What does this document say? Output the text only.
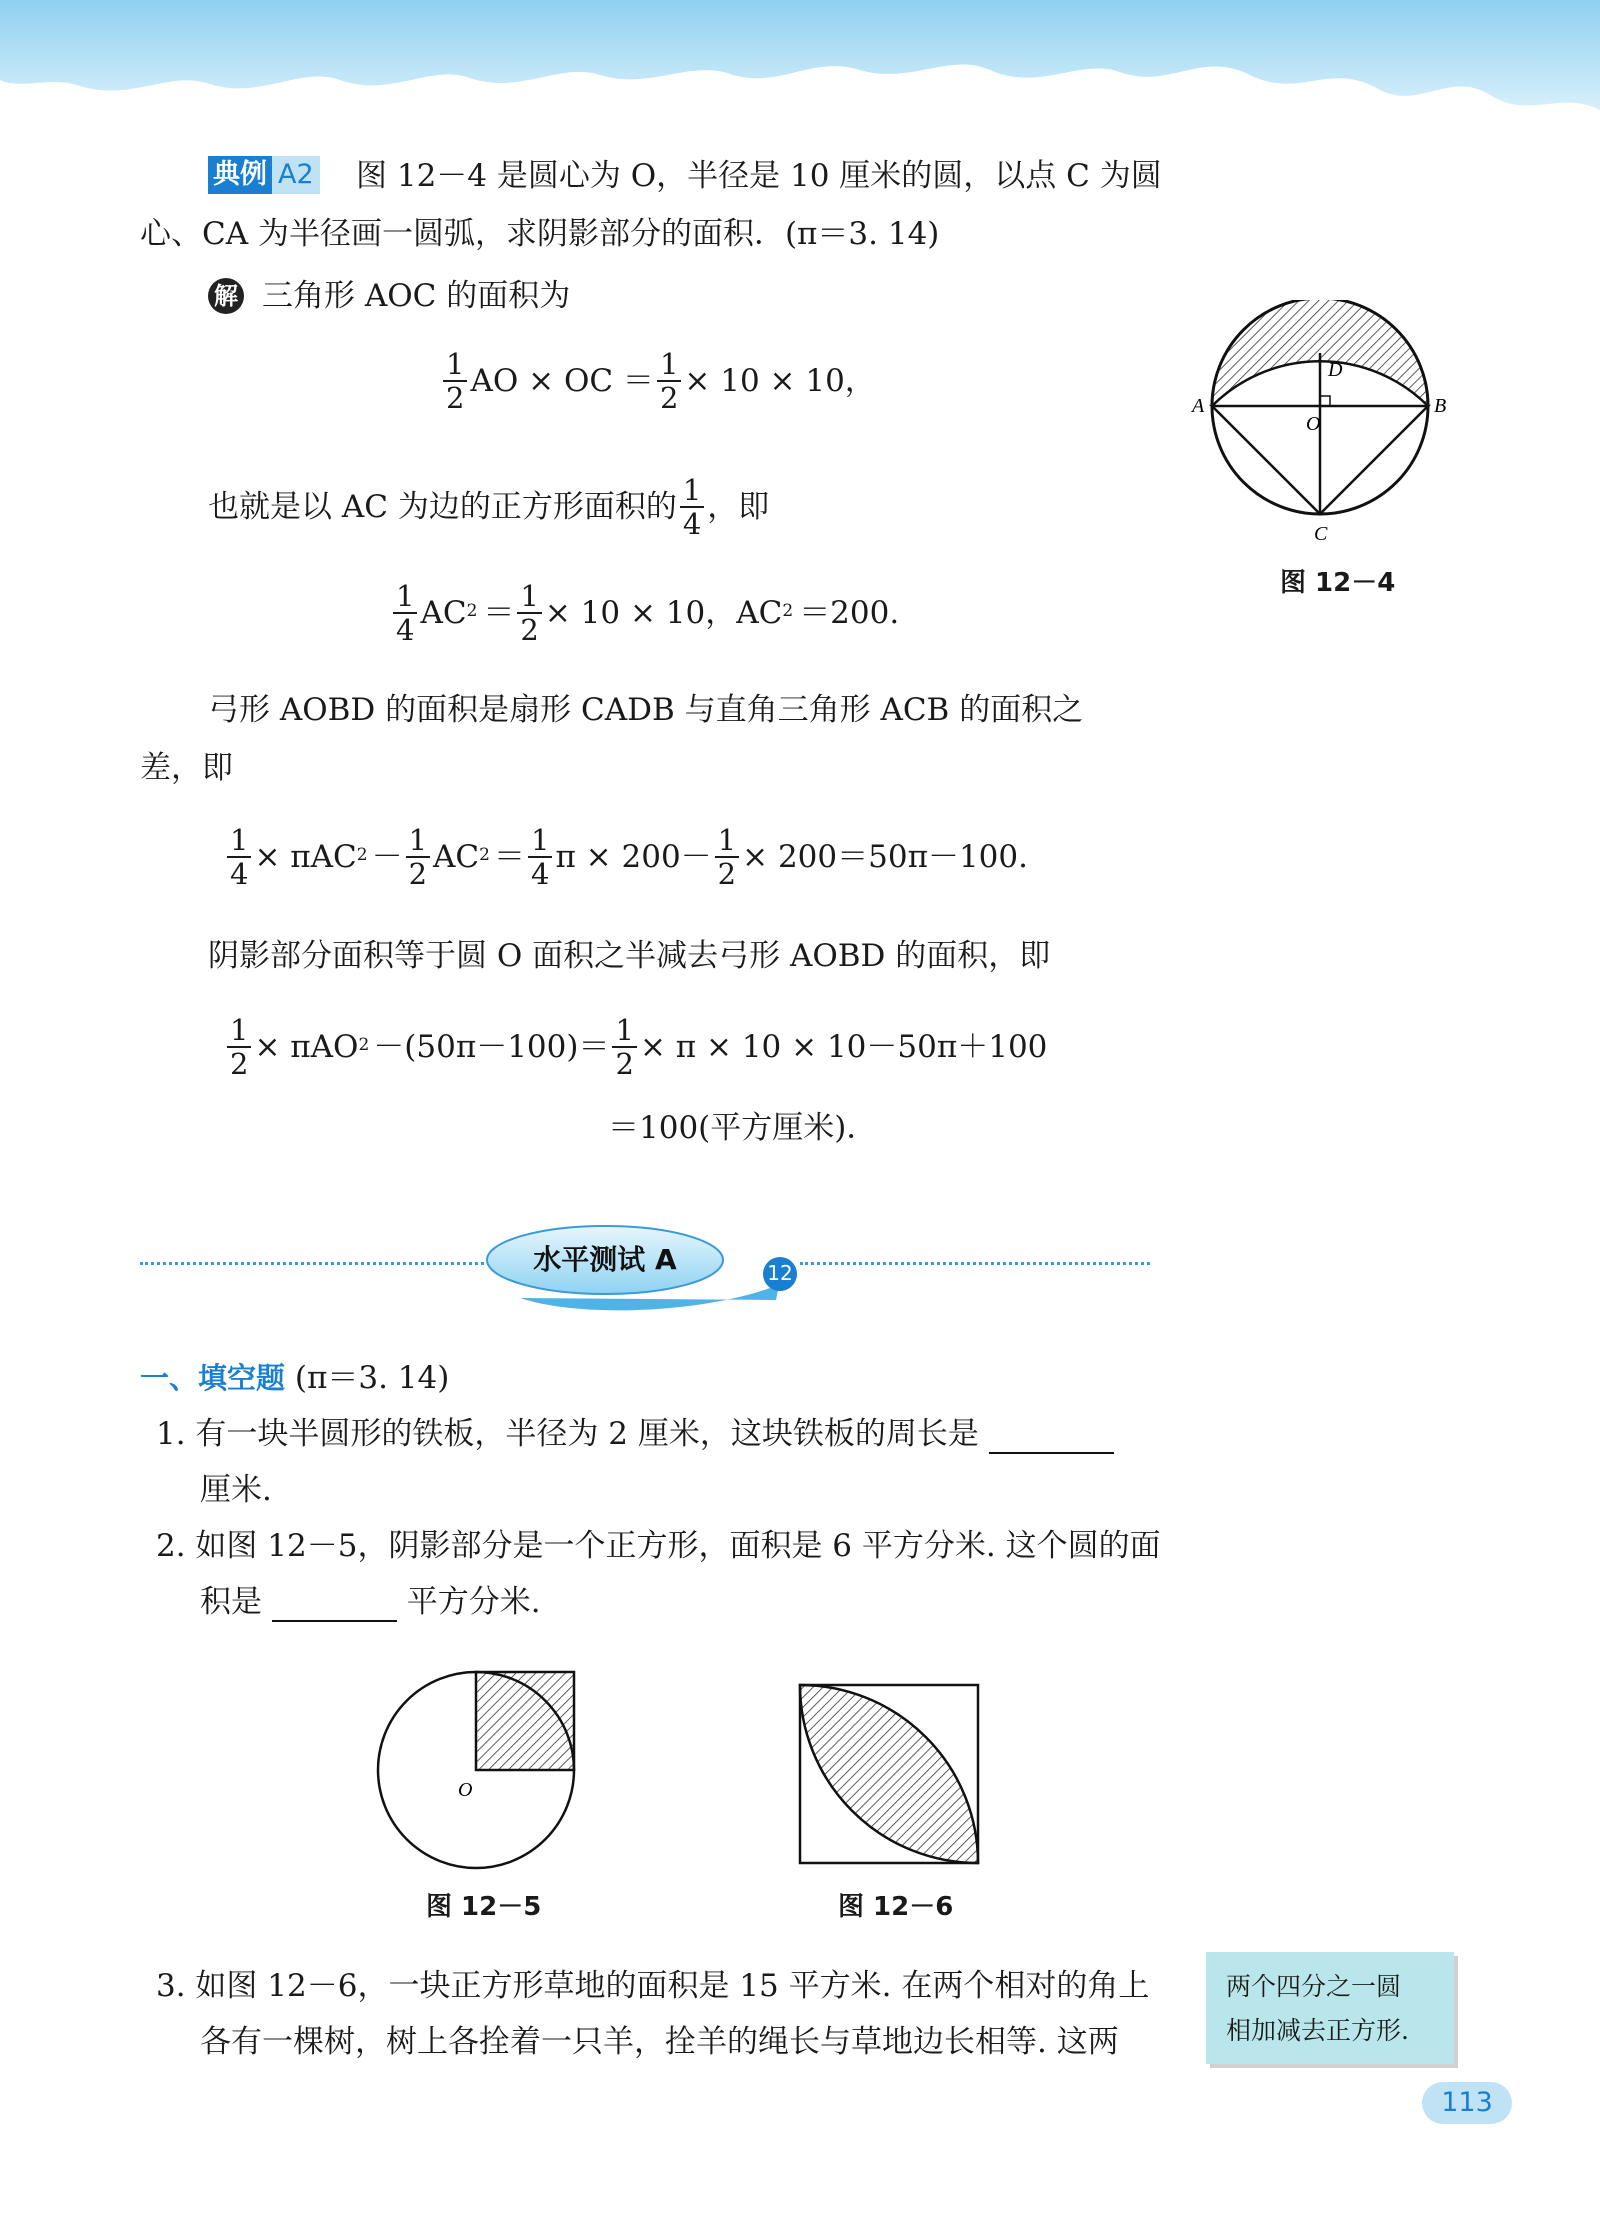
典例 A2 图 12－4 是圆心为 O，半径是 10 厘米的圆，以点 C 为圆
心、CA 为半径画一圆弧，求阴影部分的面积．(π＝3. 14)
解 三角形 AOC 的面积为
$\frac{1}{2}$ AO × OC ＝ $\frac{1}{2} \times 10 \times 10$，
也就是以 AC 为边的正方形面积的 $\frac{1}{4}$ ，即
$\frac{1}{4}$ AC $2 = \frac{1}{2} \times 10 \times 10$，AC 2 ＝200.
弓形 AOBD 的面积是扇形 CADB 与直角三角形 ACB 的面积之
差，即
$\frac{1}{4} \times \pi AC$ $2 - \frac{1}{2}$ AC $2 = \frac{1}{4}$ $\pi \times 200- \frac{1}{2} \times 200=50\pi-100$.
阴影部分面积等于圆 O 面积之半减去弓形 AOBD 的面积，即
$\frac{1}{2} \times \pi AO$ $2 -(50\pi-100)= \frac{1}{2} \times \pi \times 10 \times 10-50\pi+100$
＝100(平方厘米)．
A	B
C
D
O
图 12－4
水平测试 A	12
一、填空题 (π＝3. 14)
1. 有一块半圆形的铁板，半径为 2 厘米，这块铁板的周长是
厘米.
2. 如图 12－5，阴影部分是一个正方形，面积是 6 平方分米. 这个圆的面
积是	平方分米.
O
图 12－5	图 12－6
3. 如图 12－6，一块正方形草地的面积是 15 平方米. 在两个相对的角上
各有一棵树，树上各拴着一只羊，拴羊的绳长与草地边长相等. 这两
两个四分之一圆
相加减去正方形.
113
